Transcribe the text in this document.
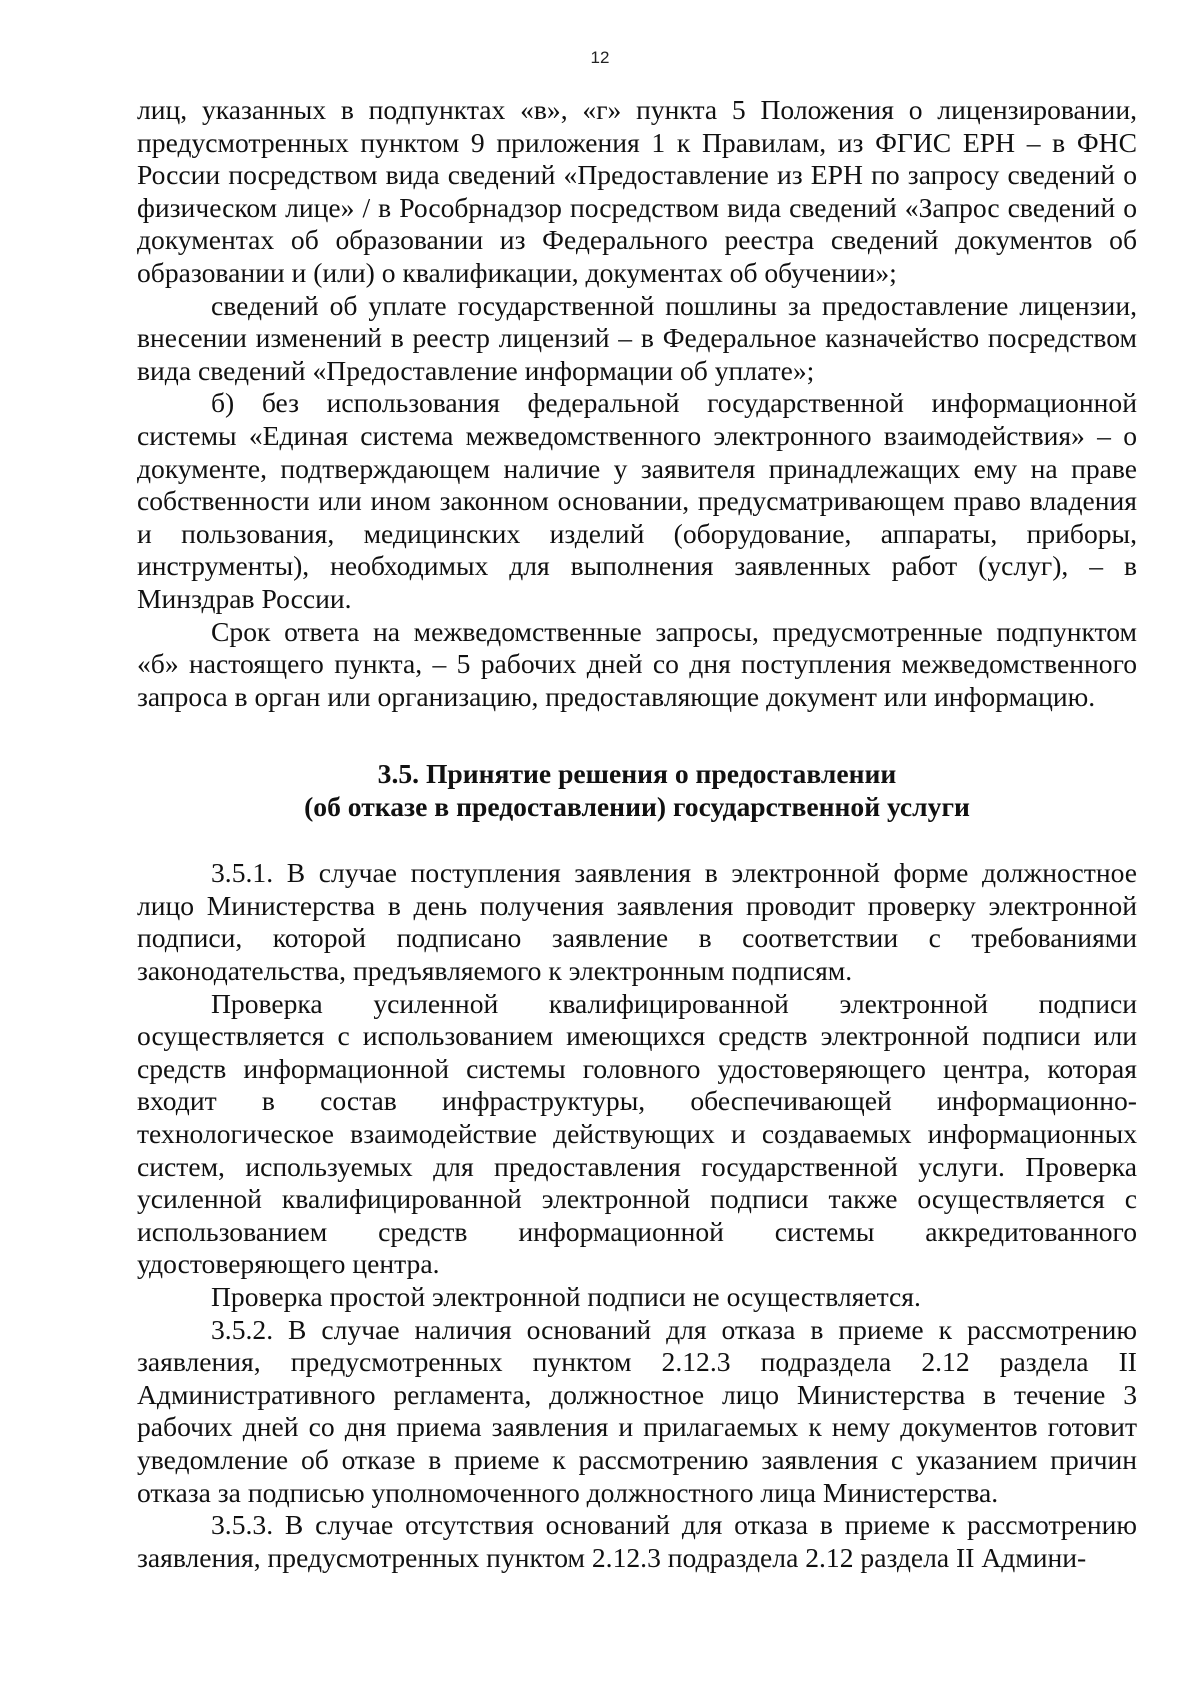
12

лиц, указанных в подпунктах «в», «г» пункта 5 Положения о лицензировании, предусмотренных пунктом 9 приложения 1 к Правилам, из ФГИС ЕРН – в ФНС России посредством вида сведений «Предоставление из ЕРН по запросу сведений о физическом лице» / в Рособрнадзор посредством вида сведений «Запрос сведений о документах об образовании из Федерального реестра сведений документов об образовании и (или) о квалификации, документах об обучении»;

сведений об уплате государственной пошлины за предоставление лицензии, внесении изменений в реестр лицензий – в Федеральное казначейство посредством вида сведений «Предоставление информации об уплате»;

б) без использования федеральной государственной информационной системы «Единая система межведомственного электронного взаимодействия» – о документе, подтверждающем наличие у заявителя принадлежащих ему на праве собственности или ином законном основании, предусматривающем право владения и пользования, медицинских изделий (оборудование, аппараты, приборы, инструменты), необходимых для выполнения заявленных работ (услуг), – в Минздрав России.

Срок ответа на межведомственные запросы, предусмотренные подпунктом «б» настоящего пункта, – 5 рабочих дней со дня поступления межведомственного запроса в орган или организацию, предоставляющие документ или информацию.

3.5. Принятие решения о предоставлении
(об отказе в предоставлении) государственной услуги

3.5.1. В случае поступления заявления в электронной форме должностное лицо Министерства в день получения заявления проводит проверку электронной подписи, которой подписано заявление в соответствии с требованиями законодательства, предъявляемого к электронным подписям.

Проверка усиленной квалифицированной электронной подписи осуществляется с использованием имеющихся средств электронной подписи или средств информационной системы головного удостоверяющего центра, которая входит в состав инфраструктуры, обеспечивающей информационно-технологическое взаимодействие действующих и создаваемых информационных систем, используемых для предоставления государственной услуги. Проверка усиленной квалифицированной электронной подписи также осуществляется с использованием средств информационной системы аккредитованного удостоверяющего центра.

Проверка простой электронной подписи не осуществляется.

3.5.2. В случае наличия оснований для отказа в приеме к рассмотрению заявления, предусмотренных пунктом 2.12.3 подраздела 2.12 раздела II Административного регламента, должностное лицо Министерства в течение 3 рабочих дней со дня приема заявления и прилагаемых к нему документов готовит уведомление об отказе в приеме к рассмотрению заявления с указанием причин отказа за подписью уполномоченного должностного лица Министерства.

3.5.3. В случае отсутствия оснований для отказа в приеме к рассмотрению заявления, предусмотренных пунктом 2.12.3 подраздела 2.12 раздела II Админи-
